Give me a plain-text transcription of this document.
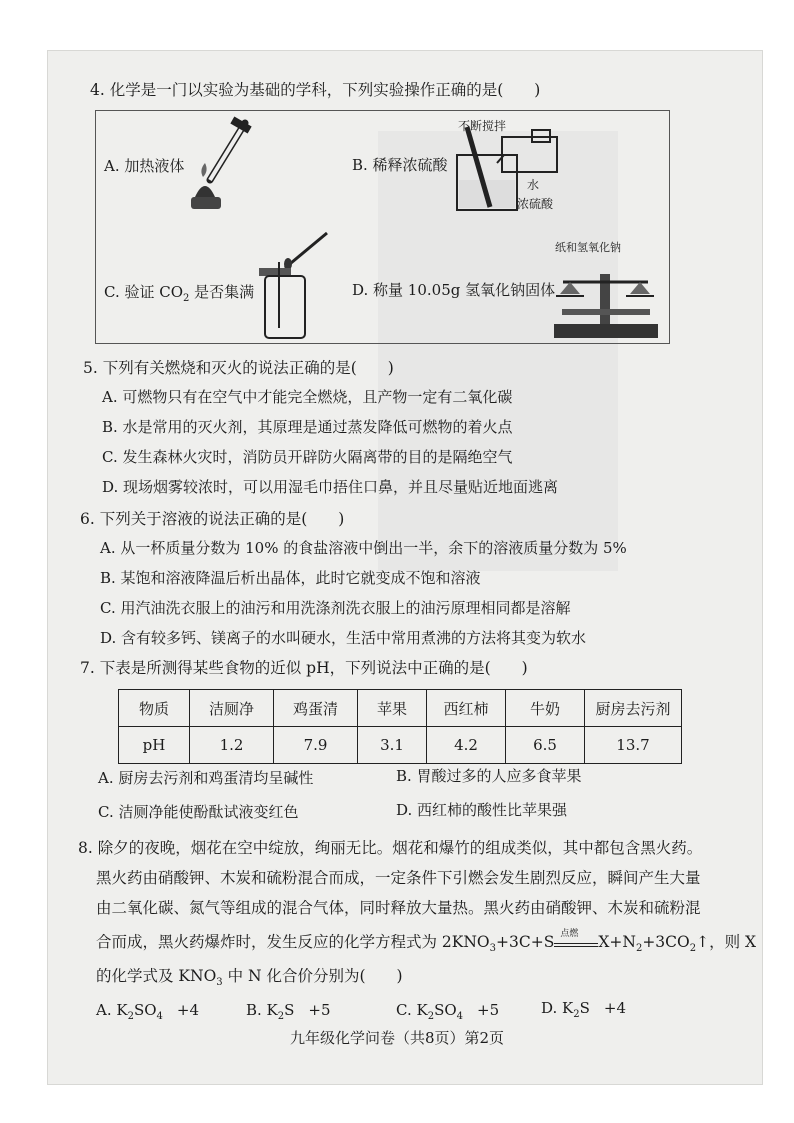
4. 化学是一门以实验为基础的学科，下列实验操作正确的是(　　)
A. 加热液体	B. 稀释浓硫酸
C. 验证 $CO_2$ 是否集满	D. 称量 10.05g 氢氧化钠固体
不断搅拌
水
浓硫酸
纸和氢氧化钠
5. 下列有关燃烧和灭火的说法正确的是(　　)
A. 可燃物只有在空气中才能完全燃烧，且产物一定有二氧化碳
B. 水是常用的灭火剂，其原理是通过蒸发降低可燃物的着火点
C. 发生森林火灾时，消防员开辟防火隔离带的目的是隔绝空气
D. 现场烟雾较浓时，可以用湿毛巾捂住口鼻，并且尽量贴近地面逃离
6. 下列关于溶液的说法正确的是(　　)
A. 从一杯质量分数为 10% 的食盐溶液中倒出一半，余下的溶液质量分数为 5%
B. 某饱和溶液降温后析出晶体，此时它就变成不饱和溶液
C. 用汽油洗衣服上的油污和用洗涤剂洗衣服上的油污原理相同都是溶解
D. 含有较多钙、镁离子的水叫硬水，生活中常用煮沸的方法将其变为软水
7. 下表是所测得某些食物的近似 pH，下列说法中正确的是(　　)
物质	洁厕净	鸡蛋清	苹果	西红柿	牛奶	厨房去污剂
pH	1.2	7.9	3.1	4.2	6.5	13.7
A. 厨房去污剂和鸡蛋清均呈碱性	B. 胃酸过多的人应多食苹果
C. 洁厕净能使酚酞试液变红色	D. 西红柿的酸性比苹果强
8. 除夕的夜晚，烟花在空中绽放，绚丽无比。烟花和爆竹的组成类似，其中都包含黑火药。
黑火药由硝酸钾、木炭和硫粉混合而成，一定条件下引燃会发生剧烈反应，瞬间产生大量
由二氧化碳、氮气等组成的混合气体，同时释放大量热。黑火药由硝酸钾、木炭和硫粉混
合而成，黑火药爆炸时，发生反应的化学方程式为 $2KNO_3+3C+S$ 点燃 $X+N_2+3CO_2↑$，则 X
的化学式及 $KNO_3$ 中 N 化合价分别为(　　)
A. $K_2SO_4 +4$	B. $K_2S +5$	C. $K_2SO_4 +5$	D. $K_2S +4$
九年级化学问卷（共8页）第2页
